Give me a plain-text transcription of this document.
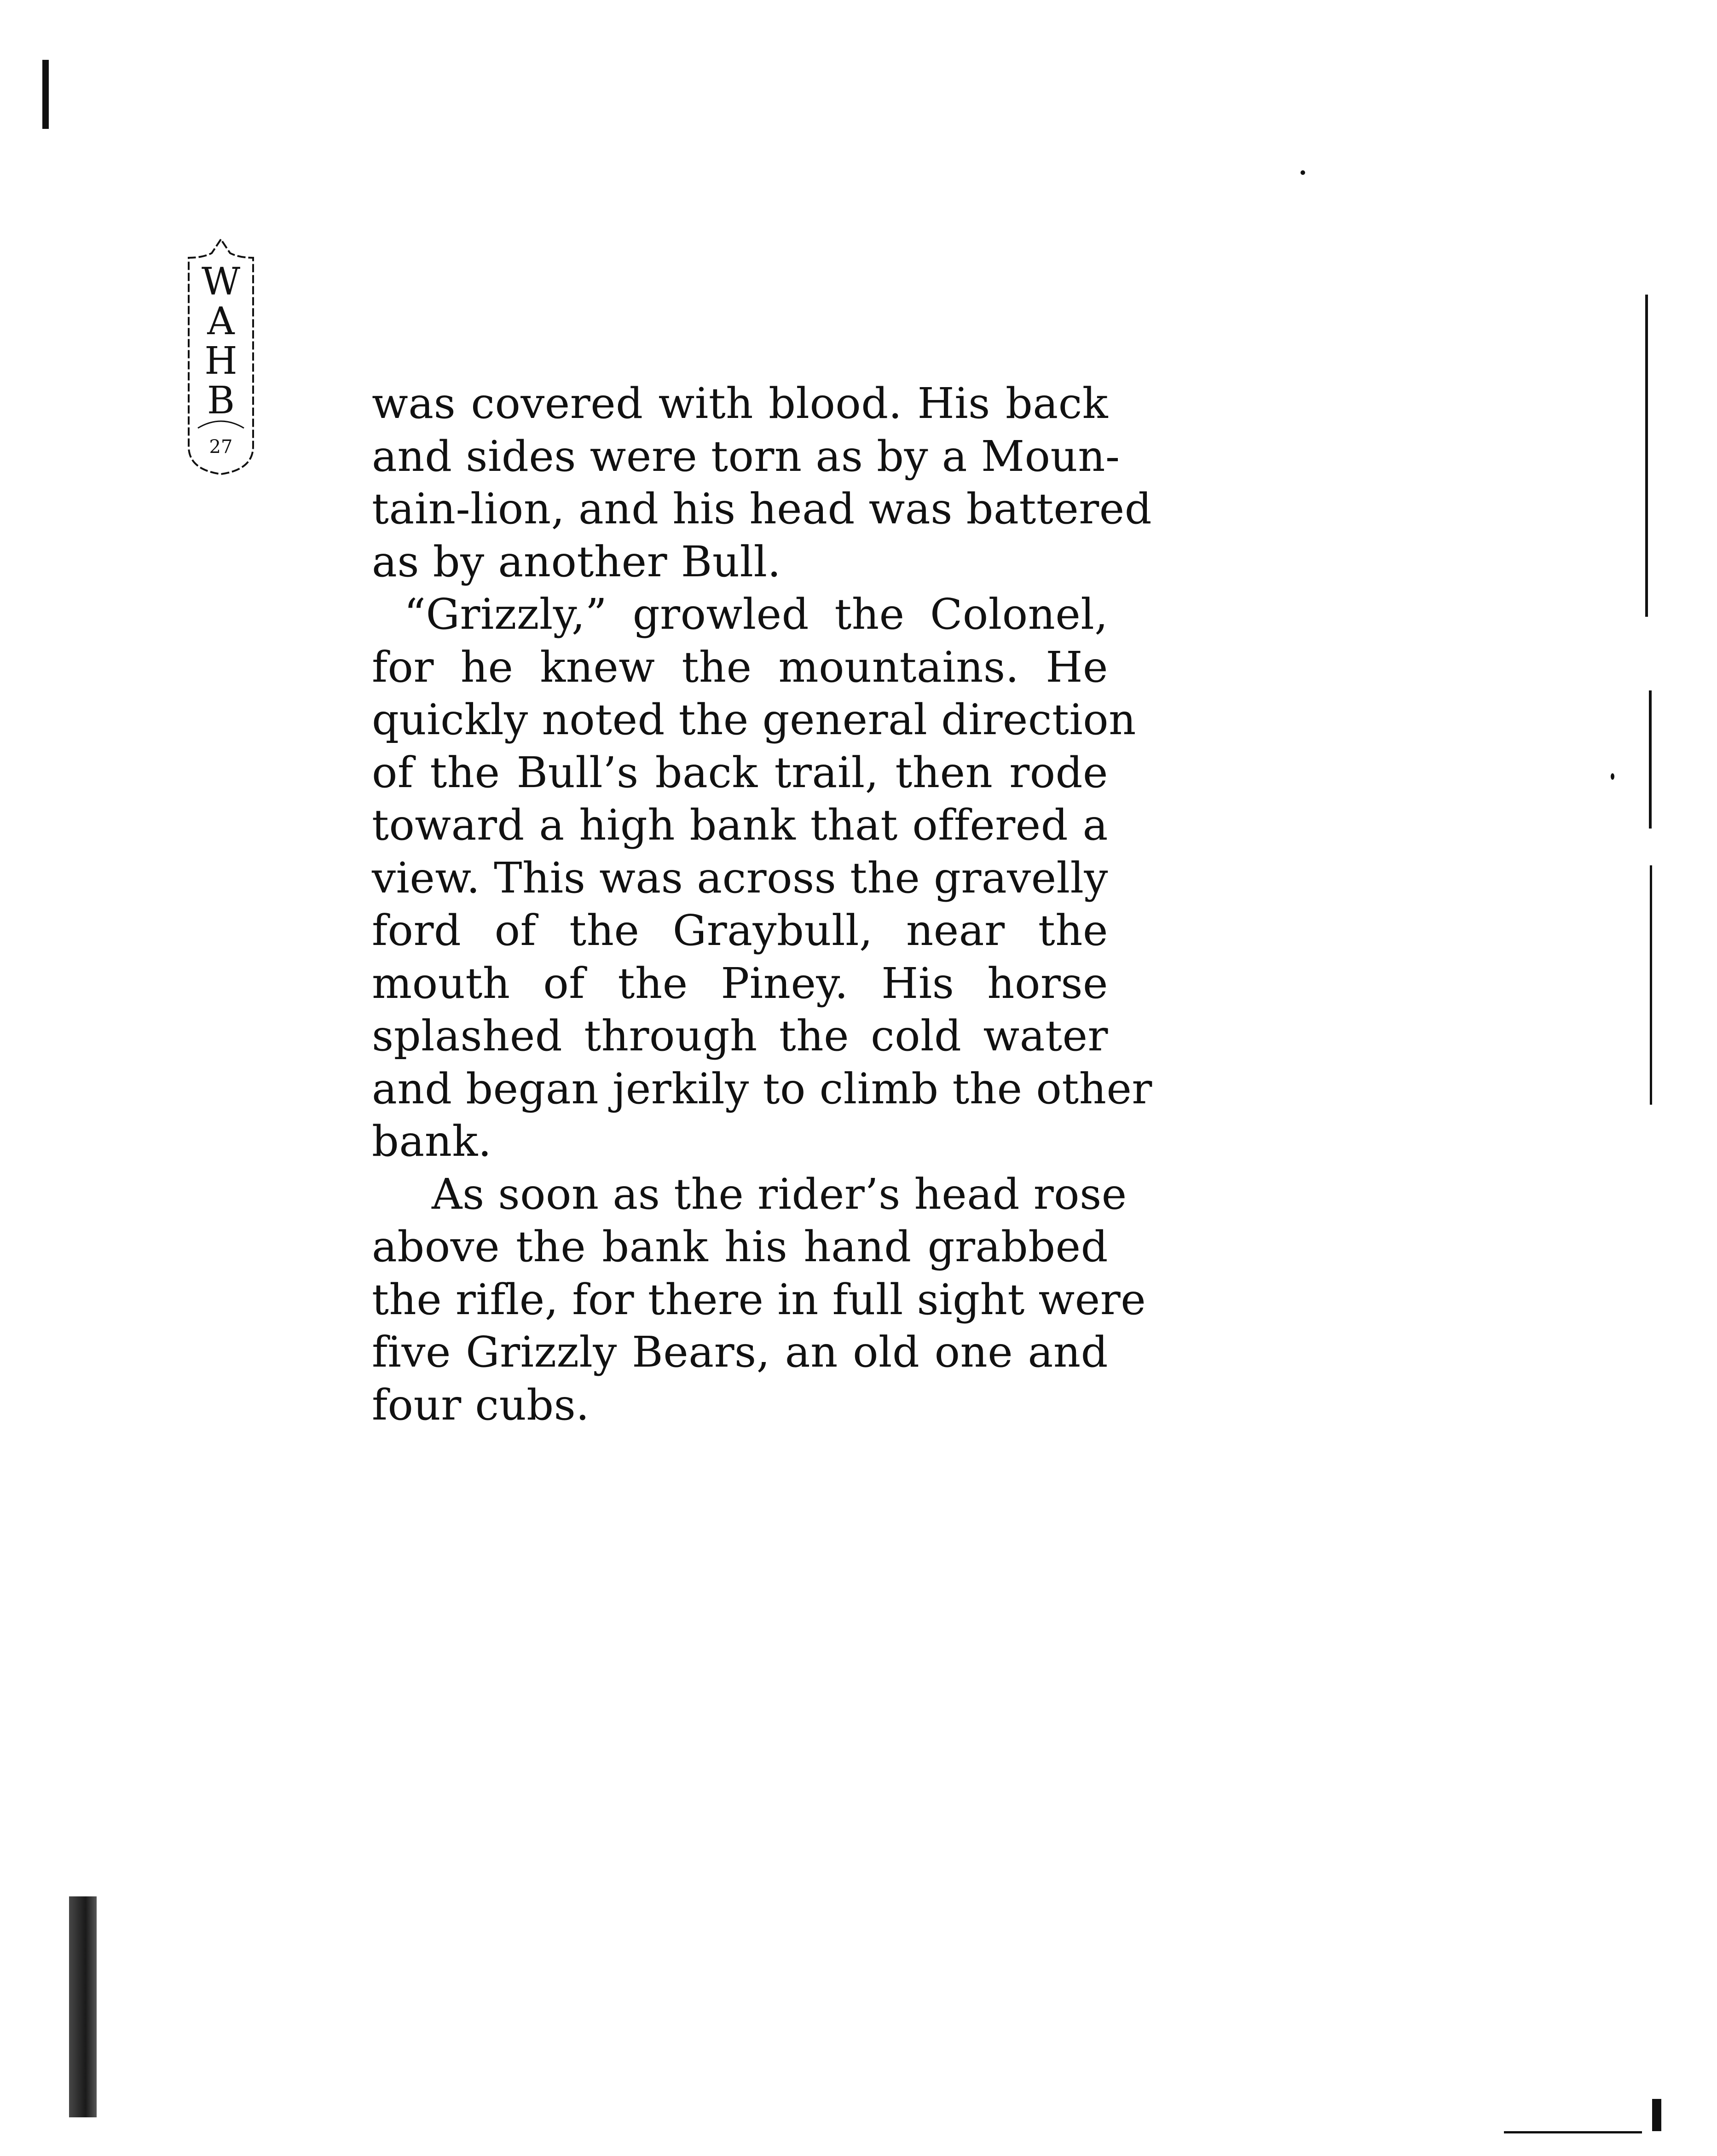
W
A
H
B
27

was covered with blood. His back
and sides were torn as by a Moun-
tain-lion, and his head was battered
as by another Bull.

“Grizzly,” growled the Colonel,
for he knew the mountains. He
quickly noted the general direction
of the Bull’s back trail, then rode
toward a high bank that offered a
view. This was across the gravelly
ford of the Graybull, near the
mouth of the Piney. His horse
splashed through the cold water
and began jerkily to climb the other
bank.

As soon as the rider’s head rose
above the bank his hand grabbed
the rifle, for there in full sight were
five Grizzly Bears, an old one and
four cubs.
